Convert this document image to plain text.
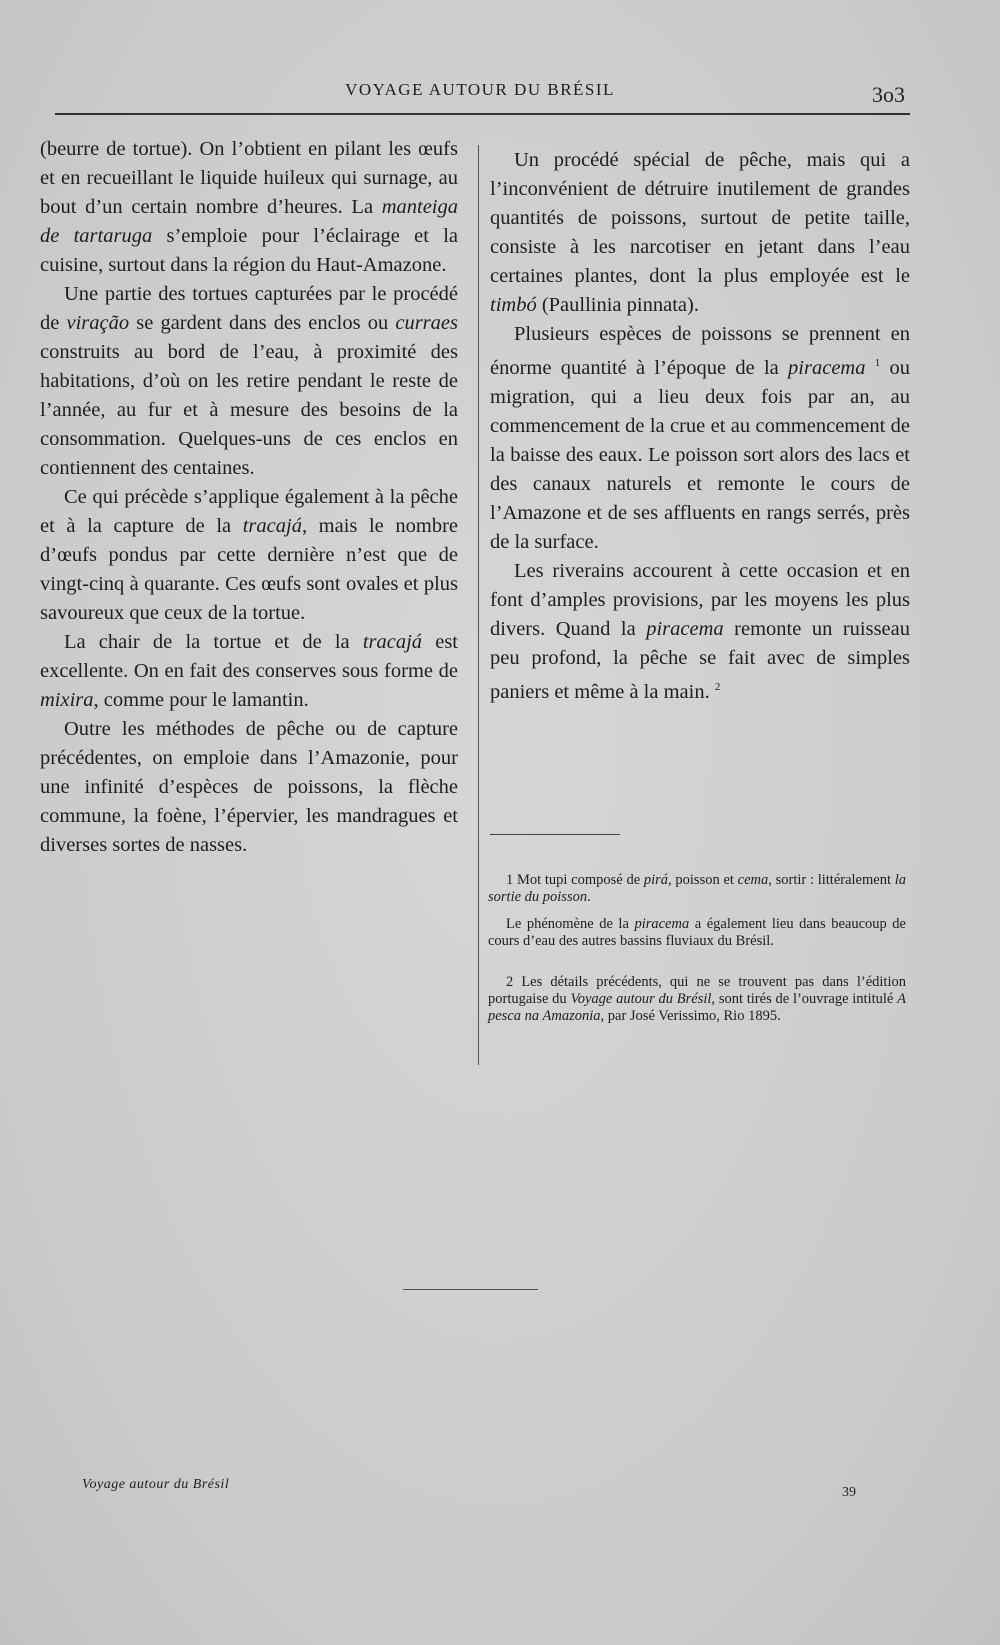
VOYAGE AUTOUR DU BRÉSIL	3o3

(beurre de tortue). On l’obtient en pilant les œufs et en recueillant le liquide huileux qui surnage, au bout d’un certain nombre d’heures. La manteiga de tartaruga s’emploie pour l’éclairage et la cuisine, surtout dans la région du Haut-Amazone.

Une partie des tortues capturées par le procédé de viração se gardent dans des enclos ou curraes construits au bord de l’eau, à proximité des habitations, d’où on les retire pendant le reste de l’année, au fur et à mesure des besoins de la consommation. Quelques-uns de ces enclos en contiennent des centaines.

Ce qui précède s’applique également à la pêche et à la capture de la tracajá, mais le nombre d’œufs pondus par cette dernière n’est que de vingt-cinq à quarante. Ces œufs sont ovales et plus savoureux que ceux de la tortue.

La chair de la tortue et de la tracajá est excellente. On en fait des conserves sous forme de mixira, comme pour le lamantin.

Outre les méthodes de pêche ou de capture précédentes, on emploie dans l’Amazonie, pour une infinité d’espèces de poissons, la flèche commune, la foène, l’épervier, les mandragues et diverses sortes de nasses.

Un procédé spécial de pêche, mais qui a l’inconvénient de détruire inutilement de grandes quantités de poissons, surtout de petite taille, consiste à les narcotiser en jetant dans l’eau certaines plantes, dont la plus employée est le timbó (Paullinia pinnata).

Plusieurs espèces de poissons se prennent en énorme quantité à l’époque de la piracema $^1$ ou migration, qui a lieu deux fois par an, au commencement de la crue et au commencement de la baisse des eaux. Le poisson sort alors des lacs et des canaux naturels et remonte le cours de l’Amazone et de ses affluents en rangs serrés, près de la surface.

Les riverains accourent à cette occasion et en font d’amples provisions, par les moyens les plus divers. Quand la piracema remonte un ruisseau peu profond, la pêche se fait avec de simples paniers et même à la main. $^2$

1 Mot tupi composé de pirá, poisson et cema, sortir : littéralement la sortie du poisson.

Le phénomène de la piracema a également lieu dans beaucoup de cours d’eau des autres bassins fluviaux du Brésil.

2 Les détails précédents, qui ne se trouvent pas dans l’édition portugaise du Voyage autour du Brésil, sont tirés de l’ouvrage intitulé A pesca na Amazonia, par José Verissimo, Rio 1895.

Voyage autour du Brésil
39
